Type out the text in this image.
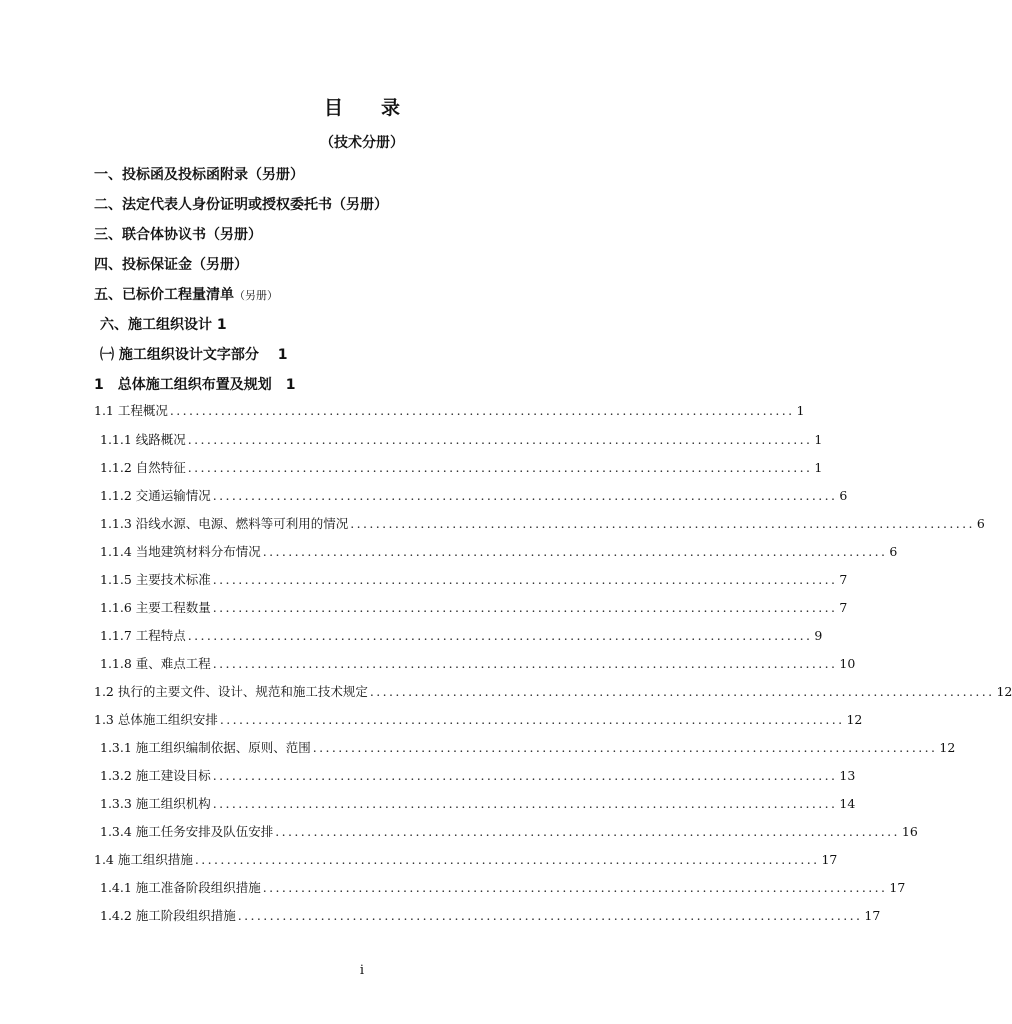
目 录
（技术分册）
一、投标函及投标函附录（另册）
二、法定代表人身份证明或授权委托书（另册）
三、联合体协议书（另册）
四、投标保证金（另册）
五、已标价工程量清单（另册）
六、施工组织设计 1
㈠ 施工组织设计文字部分　 1
1　总体施工组织布置及规划　1
1.1 工程概况 .................................................................................................. 1
1.1.1 线路概况 .................................................................................................. 1
1.1.2 自然特征 .................................................................................................. 1
1.1.2 交通运输情况 .................................................................................................. 6
1.1.3 沿线水源、电源、燃料等可利用的情况 .................................................................................................. 6
1.1.4 当地建筑材料分布情况 .................................................................................................. 6
1.1.5 主要技术标准 .................................................................................................. 7
1.1.6 主要工程数量 .................................................................................................. 7
1.1.7 工程特点 .................................................................................................. 9
1.1.8 重、难点工程 .................................................................................................. 10
1.2 执行的主要文件、设计、规范和施工技术规定 .................................................................................................. 12
1.3 总体施工组织安排 .................................................................................................. 12
1.3.1 施工组织编制依据、原则、范围 .................................................................................................. 12
1.3.2 施工建设目标 .................................................................................................. 13
1.3.3 施工组织机构 .................................................................................................. 14
1.3.4 施工任务安排及队伍安排 .................................................................................................. 16
1.4 施工组织措施 .................................................................................................. 17
1.4.1 施工准备阶段组织措施 .................................................................................................. 17
1.4.2 施工阶段组织措施 .................................................................................................. 17
i
